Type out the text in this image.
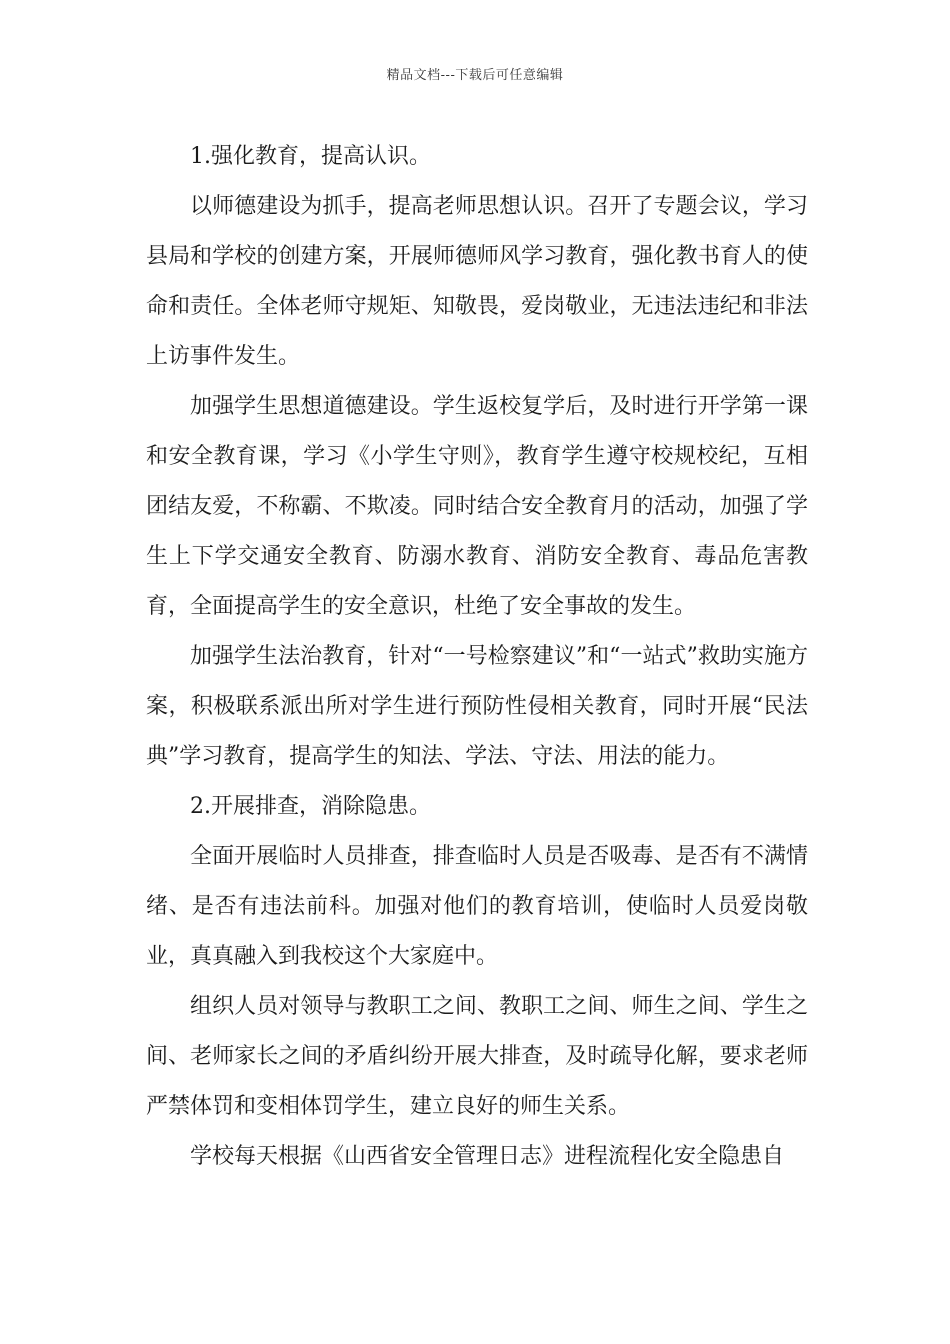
精品文档---下载后可任意编辑

1.强化教育，提高认识。

以师德建设为抓手，提高老师思想认识。召开了专题会议，学习县局和学校的创建方案，开展师德师风学习教育，强化教书育人的使命和责任。全体老师守规矩、知敬畏，爱岗敬业，无违法违纪和非法上访事件发生。

加强学生思想道德建设。学生返校复学后，及时进行开学第一课和安全教育课，学习《小学生守则》，教育学生遵守校规校纪，互相团结友爱，不称霸、不欺凌。同时结合安全教育月的活动，加强了学生上下学交通安全教育、防溺水教育、消防安全教育、毒品危害教育，全面提高学生的安全意识，杜绝了安全事故的发生。

加强学生法治教育，针对“一号检察建议”和“一站式”救助实施方案，积极联系派出所对学生进行预防性侵相关教育，同时开展“民法典”学习教育，提高学生的知法、学法、守法、用法的能力。

2.开展排查，消除隐患。

全面开展临时人员排查，排查临时人员是否吸毒、是否有不满情绪、是否有违法前科。加强对他们的教育培训，使临时人员爱岗敬业，真真融入到我校这个大家庭中。

组织人员对领导与教职工之间、教职工之间、师生之间、学生之间、老师家长之间的矛盾纠纷开展大排查，及时疏导化解，要求老师严禁体罚和变相体罚学生，建立良好的师生关系。

学校每天根据《山西省安全管理日志》进程流程化安全隐患自
